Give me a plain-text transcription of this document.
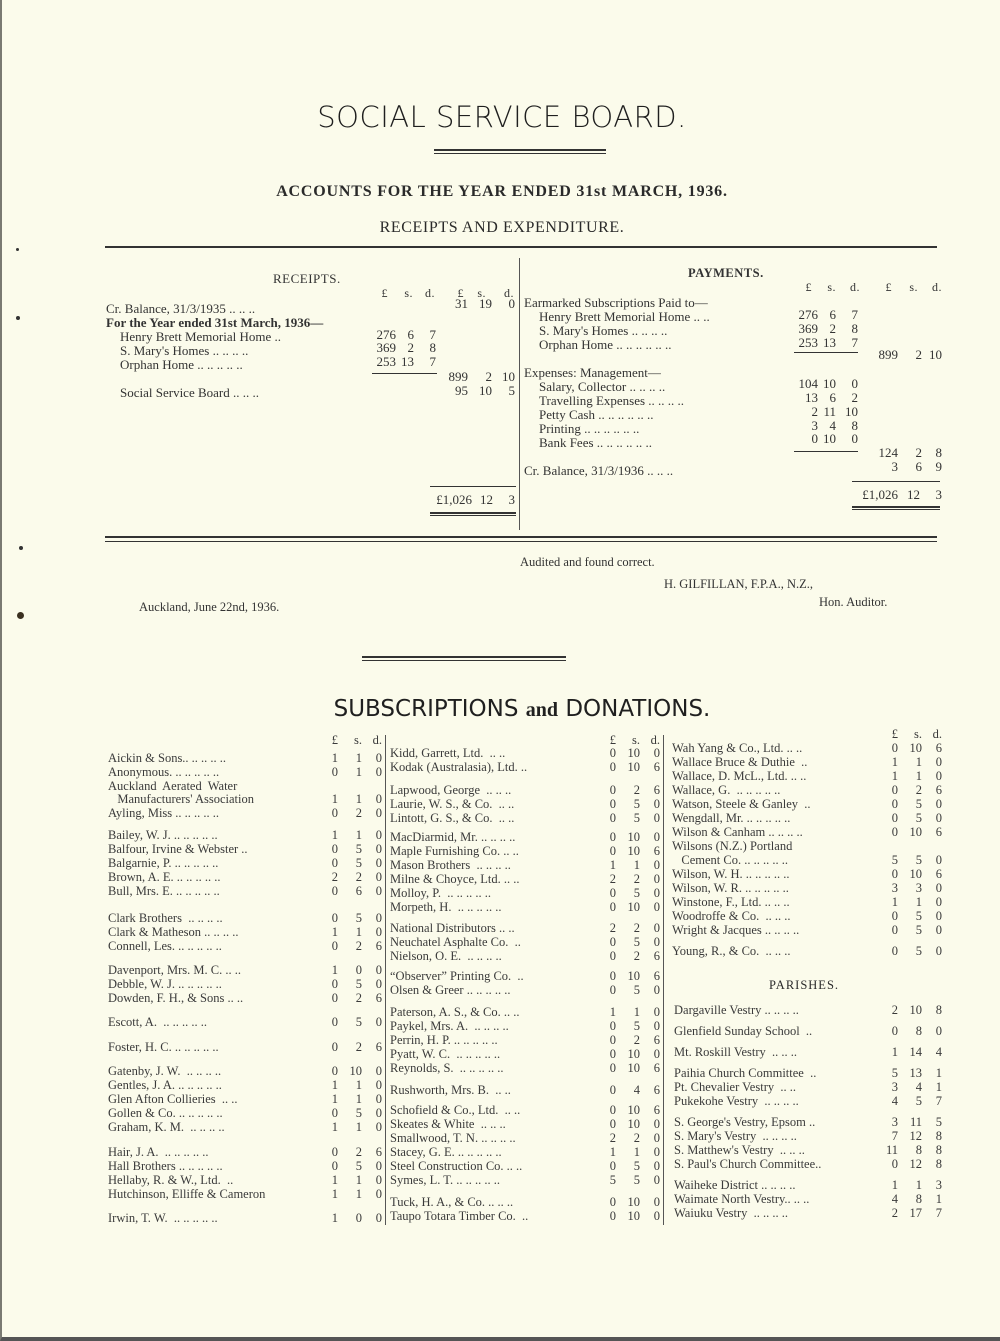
SOCIAL SERVICE BOARD.
ACCOUNTS FOR THE YEAR ENDED 31st MARCH, 1936.
RECEIPTS AND EXPENDITURE.
RECEIPTS.
£	s.	d.	£	s.	d.
Cr. Balance, 31/3/1935 .. .. ..	31 19	0
For the Year ended 31st March, 1936—
Henry Brett Memorial Home ..	276 6	7
S. Mary's Homes .. .. .. ..	369 2	8
Orphan Home .. .. .. .. ..	253 13	7
899	2 10
Social Service Board .. .. ..	95 10	5
£1,026 12	3
PAYMENTS.
£	s.	d.	£	s.	d.
Earmarked Subscriptions Paid to—
Henry Brett Memorial Home .. ..	276 6	7
S. Mary's Homes .. .. .. ..	369 2	8
Orphan Home .. .. .. .. .. ..	253 13	7
899	2 10
Expenses: Management—
Salary, Collector .. .. .. ..	104 10	0
Travelling Expenses .. .. .. ..	13 6	2
Petty Cash .. .. .. .. .. ..	2 11 10
Printing .. .. .. .. .. ..	3 4	8
Bank Fees .. .. .. .. .. ..	0 10	0
124	2	8
Cr. Balance, 31/3/1936 .. .. ..	3	6	9
£1,026 12	3
Audited and found correct.
H. GILFILLAN, F.P.A., N.Z.,
Hon. Auditor.
Auckland, June 22nd, 1936.
SUBSCRIPTIONS and DONATIONS.
£	s. d.	£	s. d.	£	s. d.
Aickin & Sons.. .. .. .. ..	1	1	0
Anonymous. .. .. .. .. ..	0	1	0
Auckland  Aerated  Water
Manufacturers' Association	1	1	0
Ayling, Miss .. .. .. .. ..	0	2	0
Bailey, W. J. .. .. .. .. ..	1	1	0
Balfour, Irvine & Webster ..	0	5	0
Balgarnie, P. .. .. .. .. ..	0	5	0
Brown, A. E. .. .. .. .. ..	2	2	0
Bull, Mrs. E. .. .. .. .. ..	0	6	0
Clark Brothers  .. .. .. ..	0	5	0
Clark & Matheson .. .. .. ..	1	1	0
Connell, Les. .. .. .. .. ..	0	2	6
Davenport, Mrs. M. C. .. ..	1	0	0
Debble, W. J. .. .. .. .. ..	0	5	0
Dowden, F. H., & Sons .. ..	0	2	6
Escott, A.  .. .. .. .. ..	0	5	0
Foster, H. C. .. .. .. .. ..	0	2	6
Gatenby, J. W.  .. .. .. ..	0 10	0
Gentles, J. A. .. .. .. .. ..	1	1	0
Glen Afton Collieries  .. ..	1	1	0
Gollen & Co. .. .. .. .. ..	0	5	0
Graham, K. M.  .. .. .. ..	1	1	0
Hair, J. A.  .. .. .. .. ..	0	2	6
Hall Brothers .. .. .. .. ..	0	5	0
Hellaby, R. & W., Ltd.  ..	1	1	0
Hutchinson, Elliffe & Cameron	1	1	0
Irwin, T. W.  .. .. .. .. ..	1	0	0
Kidd, Garrett, Ltd.  .. ..	0 10	0
Kodak (Australasia), Ltd. ..	0 10	6
Lapwood, George  .. .. ..	0	2	6
Laurie, W. S., & Co.  .. ..	0	5	0
Lintott, G. S., & Co.  .. ..	0	5	0
MacDiarmid, Mr. .. .. .. ..	0 10	0
Maple Furnishing Co. .. ..	0 10	6
Mason Brothers  .. .. .. ..	1	1	0
Milne & Choyce, Ltd. .. ..	2	2	0
Molloy, P.  .. .. .. .. ..	0	5	0
Morpeth, H.  .. .. .. .. ..	0 10	0
National Distributors .. ..	2	2	0
Neuchatel Asphalte Co.  ..	0	5	0
Nielson, O. E.  .. .. .. ..	0	2	6
“Observer” Printing Co.  ..	0 10	6
Olsen & Greer .. .. .. .. ..	0	5	0
Paterson, A. S., & Co. .. ..	1	1	0
Paykel, Mrs. A.  .. .. .. ..	0	5	0
Perrin, H. P. .. .. .. .. ..	0	2	6
Pyatt, W. C.  .. .. .. .. ..	0 10	0
Reynolds, S.  .. .. .. .. ..	0 10	6
Rushworth, Mrs. B.  .. ..	0	4	6
Schofield & Co., Ltd.  .. ..	0 10	6
Skeates & White  .. .. ..	0 10	0
Smallwood, T. N. .. .. .. ..	2	2	0
Stacey, G. E. .. .. .. .. ..	1	1	0
Steel Construction Co. .. ..	0	5	0
Symes, L. T. .. .. .. .. ..	5	5	0
Tuck, H. A., & Co. .. .. ..	0 10	0
Taupo Totara Timber Co.  ..	0 10	0
Wah Yang & Co., Ltd. .. ..	0 10	6
Wallace Bruce & Duthie  ..	1	1	0
Wallace, D. McL., Ltd. .. ..	1	1	0
Wallace, G.  .. .. .. .. ..	0	2	6
Watson, Steele & Ganley  ..	0	5	0
Wengdall, Mr. .. .. .. .. ..	0	5	0
Wilson & Canham .. .. .. ..	0 10	6
Wilsons (N.Z.) Portland
Cement Co. .. .. .. .. ..	5	5	0
Wilson, W. H. .. .. .. .. ..	0 10	6
Wilson, W. R. .. .. .. .. ..	3	3	0
Winstone, F., Ltd. .. .. ..	1	1	0
Woodroffe & Co.  .. .. ..	0	5	0
Wright & Jacques .. .. .. ..	0	5	0
Young, R., & Co.  .. .. ..	0	5	0
PARISHES.
Dargaville Vestry .. .. .. ..	2 10	8
Glenfield Sunday School  ..	0	8	0
Mt. Roskill Vestry  .. .. ..	1 14	4
Paihia Church Committee  ..	5 13	1
Pt. Chevalier Vestry  .. ..	3	4	1
Pukekohe Vestry  .. .. .. ..	4	5	7
S. George's Vestry, Epsom ..	3 11	5
S. Mary's Vestry  .. .. .. ..	7 12	8
S. Matthew's Vestry  .. .. ..	11	8	8
S. Paul's Church Committee..	0 12	8
Waiheke District .. .. .. ..	1	1	3
Waimate North Vestry.. .. ..	4	8	1
Waiuku Vestry  .. .. .. ..	2 17	7
